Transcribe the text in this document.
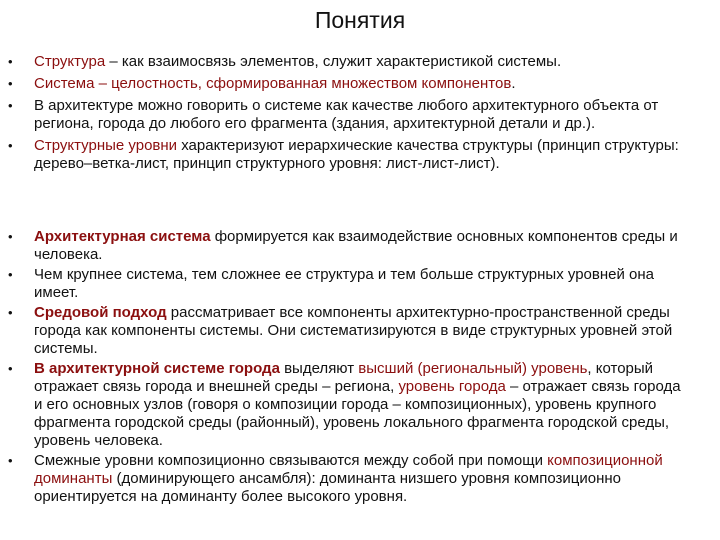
Понятия
• Структура – как взаимосвязь элементов, служит характеристикой системы.
• Система – целостность, сформированная множеством компонентов.
• В архитектуре можно говорить о системе как качестве любого архитектурного объекта от региона, города до любого его фрагмента (здания, архитектурной детали и др.).
• Структурные уровни характеризуют иерархические качества структуры (принцип структуры: дерево–ветка-лист, принцип структурного уровня: лист-лист-лист).
• Архитектурная система формируется как взаимодействие основных компонентов среды и человека.
• Чем крупнее система, тем сложнее ее структура и тем больше структурных уровней она имеет.
• Средовой подход рассматривает все компоненты архитектурно-пространственной среды города как компоненты системы. Они систематизируются в виде структурных уровней этой системы.
• В архитектурной системе города выделяют высший (региональный) уровень, который отражает связь города и внешней среды – региона, уровень города – отражает связь города и его основных узлов (говоря о композиции города – композиционных), уровень крупного фрагмента городской среды (районный), уровень локального фрагмента городской среды, уровень человека.
• Смежные уровни композиционно связываются между собой при помощи композиционной доминанты (доминирующего ансамбля): доминанта низшего уровня композиционно ориентируется на доминанту более высокого уровня.
